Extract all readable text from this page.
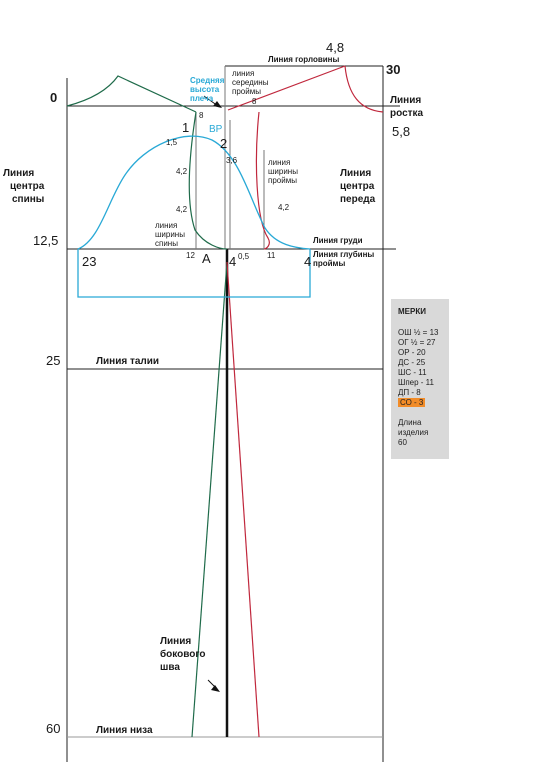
Линия горловины
4,8
30
0	Линия
ростка
5,8
Средняя
высота
плеча
линия
середины
проймы
8
8
1
2
ВР
1,5
3,6
4,2
4,2	4,2
Линия
центра
спины
Линия
центра
переда
линия
ширины
проймы
линия
ширины
спины	Линия груди
Линия глубины
проймы
12,5
23	12 А 4 0,5 11 4
25	Линия талии
Линия
бокового
шва
60	Линия низа
МЕРКИ
ОШ ½ = 13
ОГ ½ = 27
ОР - 20
ДС - 25
ШС - 11
Шпер - 11
ДП - 8
СО - 3
Длина
изделия
60
